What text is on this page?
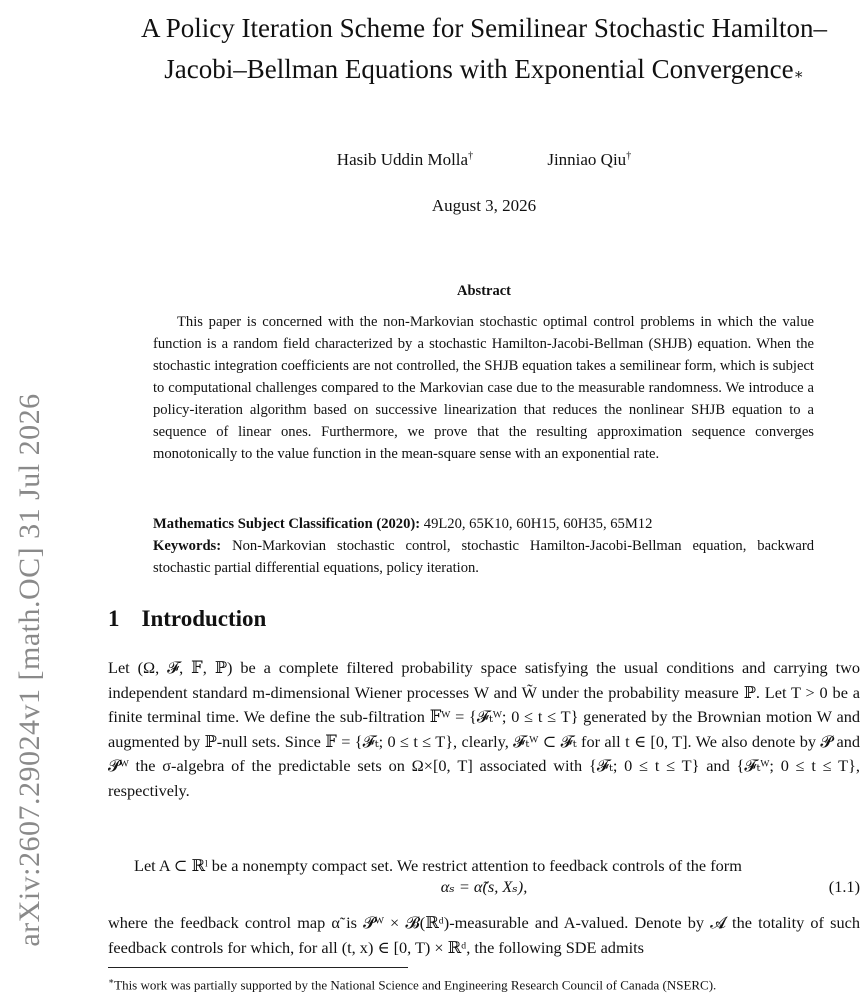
arXiv:2607.29024v1 [math.OC] 31 Jul 2026
A Policy Iteration Scheme for Semilinear Stochastic Hamilton–Jacobi–Bellman Equations with Exponential Convergence∗
Hasib Uddin Molla†	Jinniao Qiu†
August 3, 2026
Abstract

This paper is concerned with the non-Markovian stochastic optimal control problems in which the value function is a random field characterized by a stochastic Hamilton-Jacobi-Bellman (SHJB) equation. When the stochastic integration coefficients are not controlled, the SHJB equation takes a semilinear form, which is subject to computational challenges compared to the Markovian case due to the measurable randomness. We introduce a policy-iteration algorithm based on successive linearization that reduces the nonlinear SHJB equation to a sequence of linear ones. Furthermore, we prove that the resulting approximation sequence converges monotonically to the value function in the mean-square sense with an exponential rate.

Mathematics Subject Classification (2020): 49L20, 65K10, 60H15, 60H35, 65M12

Keywords: Non-Markovian stochastic control, stochastic Hamilton-Jacobi-Bellman equation, backward stochastic partial differential equations, policy iteration.

1 Introduction

Let (Ω, 𝓕, 𝔽, ℙ) be a complete filtered probability space satisfying the usual conditions and carrying two independent standard m-dimensional Wiener processes W and W̃ under the probability measure ℙ. Let T > 0 be a finite terminal time. We define the sub-filtration 𝔽ᵂ = {𝓕ₜᵂ; 0 ≤ t ≤ T} generated by the Brownian motion W and augmented by ℙ-null sets. Since 𝔽 = {𝓕ₜ; 0 ≤ t ≤ T}, clearly, 𝓕ₜᵂ ⊂ 𝓕ₜ for all t ∈ [0, T]. We also denote by 𝓟 and 𝓟ᵂ the σ-algebra of the predictable sets on Ω×[0, T] associated with {𝓕ₜ; 0 ≤ t ≤ T} and {𝓕ₜᵂ; 0 ≤ t ≤ T}, respectively.

Let A ⊂ ℝˡ be a nonempty compact set. We restrict attention to feedback controls of the form

αₛ = α̃(s, Xₛ),	(1.1)

where the feedback control map α̃ is 𝓟ᵂ × 𝓑(ℝᵈ)-measurable and A-valued. Denote by 𝓐 the totality of such feedback controls for which, for all (t, x) ∈ [0, T) × ℝᵈ, the following SDE admits

∗This work was partially supported by the National Science and Engineering Research Council of Canada (NSERC).
